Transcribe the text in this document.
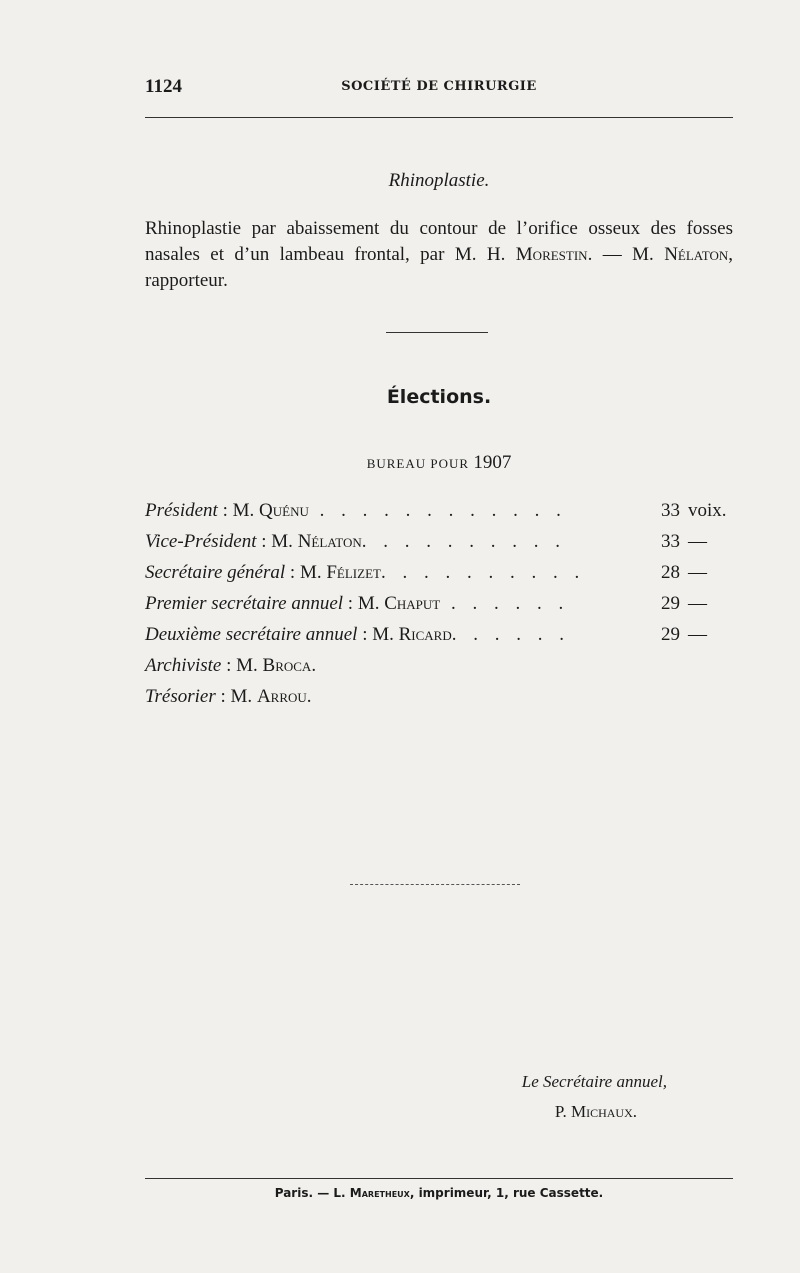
1124	SOCIÉTÉ DE CHIRURGIE
Rhinoplastie.
Rhinoplastie par abaissement du contour de l’orifice osseux des fosses nasales et d’un lambeau frontal, par M. H. Morestin. — M. Nélaton, rapporteur.
Élections.
BUREAU POUR 1907
Président : M. Quénu . . . . . . . . . . . .	33 voix.
Vice-Président : M. Nélaton. . . . . . . . . .	33 —
Secrétaire général : M. Félizet. . . . . . . . . .	28 —
Premier secrétaire annuel : M. Chaput . . . . . .	29 —
Deuxième secrétaire annuel : M. Ricard. . . . . .	29 —
Archiviste : M. Broca.
Trésorier : M. Arrou.
Le Secrétaire annuel,
P. Michaux.
Paris. — L. Maretheux, imprimeur, 1, rue Cassette.
